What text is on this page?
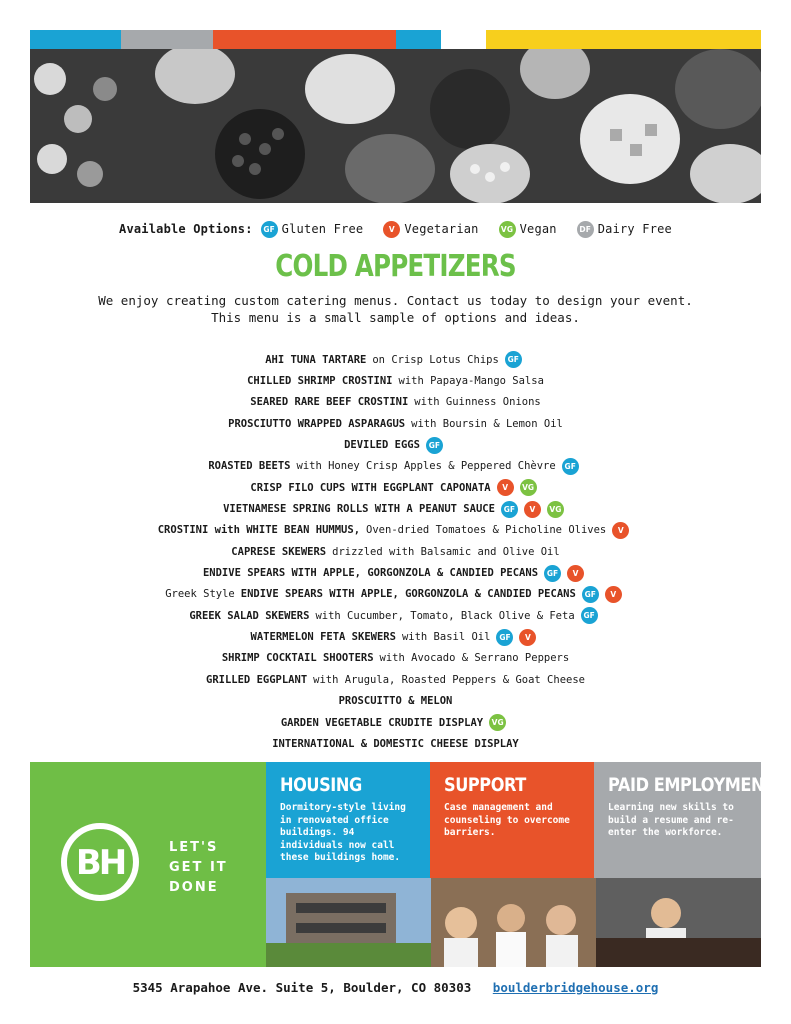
Available Options:	GF Gluten Free	V Vegetarian	VG Vegan	DF Dairy Free
COLD APPETIZERS
We enjoy creating custom catering menus. Contact us today to design your event.
This menu is a small sample of options and ideas.
AHI TUNA TARTARE on Crisp Lotus Chips	GF
CHILLED SHRIMP CROSTINI with Papaya-Mango Salsa
SEARED RARE BEEF CROSTINI with Guinness Onions
PROSCIUTTO WRAPPED ASPARAGUS with Boursin & Lemon Oil
DEVILED EGGS	GF
ROASTED BEETS with Honey Crisp Apples & Peppered Chèvre	GF
CRISP FILO CUPS WITH EGGPLANT CAPONATA	V	VG
VIETNAMESE SPRING ROLLS WITH A PEANUT SAUCE	GF	V	VG
CROSTINI with WHITE BEAN HUMMUS, Oven-dried Tomatoes & Picholine Olives	V
CAPRESE SKEWERS drizzled with Balsamic and Olive Oil
ENDIVE SPEARS WITH APPLE, GORGONZOLA & CANDIED PECANS	GF	V
Greek Style ENDIVE SPEARS WITH APPLE, GORGONZOLA & CANDIED PECANS	GF	V
GREEK SALAD SKEWERS with Cucumber, Tomato, Black Olive & Feta	GF
WATERMELON FETA SKEWERS with Basil Oil	GF	V
SHRIMP COCKTAIL SHOOTERS with Avocado & Serrano Peppers
GRILLED EGGPLANT with Arugula, Roasted Peppers & Goat Cheese
PROSCUITTO & MELON
GARDEN VEGETABLE CRUDITE DISPLAY	VG
INTERNATIONAL & DOMESTIC CHEESE DISPLAY
BH	LET'S
GET IT
DONE
HOUSING

Dormitory-style living in renovated office buildings. 94 individuals now call these buildings home.

SUPPORT

Case management and counseling to overcome barriers.

PAID EMPLOYMENT

Learning new skills to build a resume and re-enter the workforce.

5345 Arapahoe Ave. Suite 5, Boulder, CO 80303 boulderbridgehouse.org
